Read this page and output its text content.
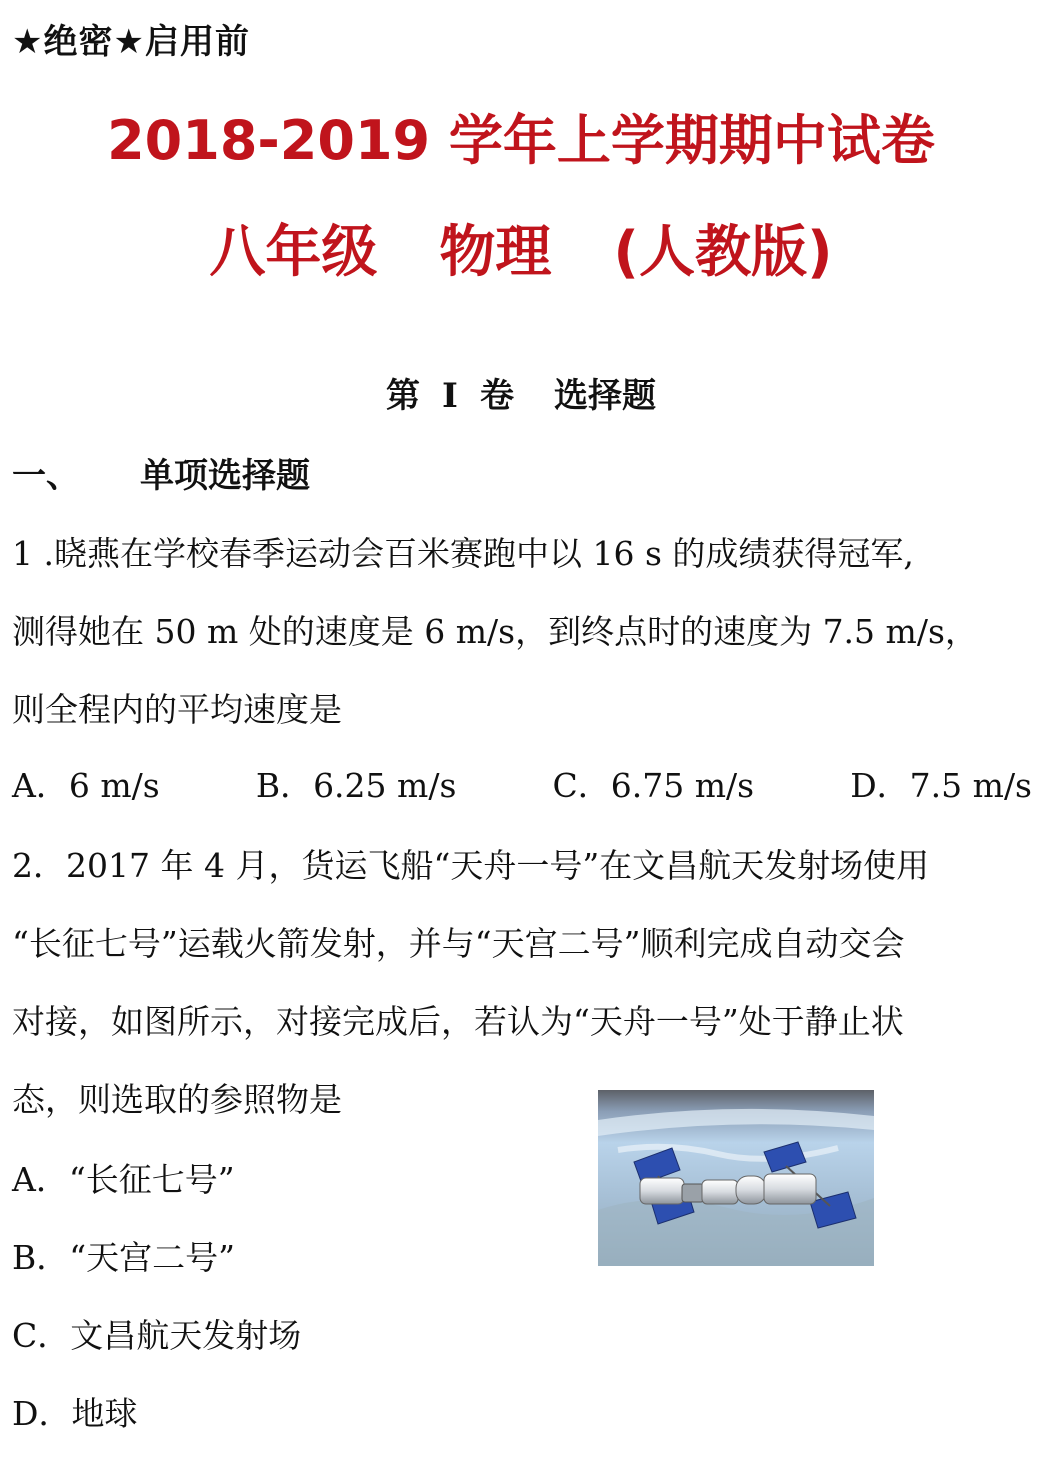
★绝密★启用前
2018-2019 学年上学期期中试卷
八年级 物理 (人教版)
第 I 卷 选择题
一、 单项选择题
1 .晓燕在学校春季运动会百米赛跑中以 16 s 的成绩获得冠军,
测得她在 50 m 处的速度是 6 m/s，到终点时的速度为 7.5 m/s，
则全程内的平均速度是
A．6 m/s	B．6.25 m/s	C．6.75 m/s	D．7.5 m/s
2．2017 年 4 月，货运飞船“天舟一号”在文昌航天发射场使用
“长征七号”运载火箭发射，并与“天宫二号”顺利完成自动交会
对接，如图所示，对接完成后，若认为“天舟一号”处于静止状
态，则选取的参照物是
A．“长征七号”
B．“天宫二号”
C．文昌航天发射场
D．地球
